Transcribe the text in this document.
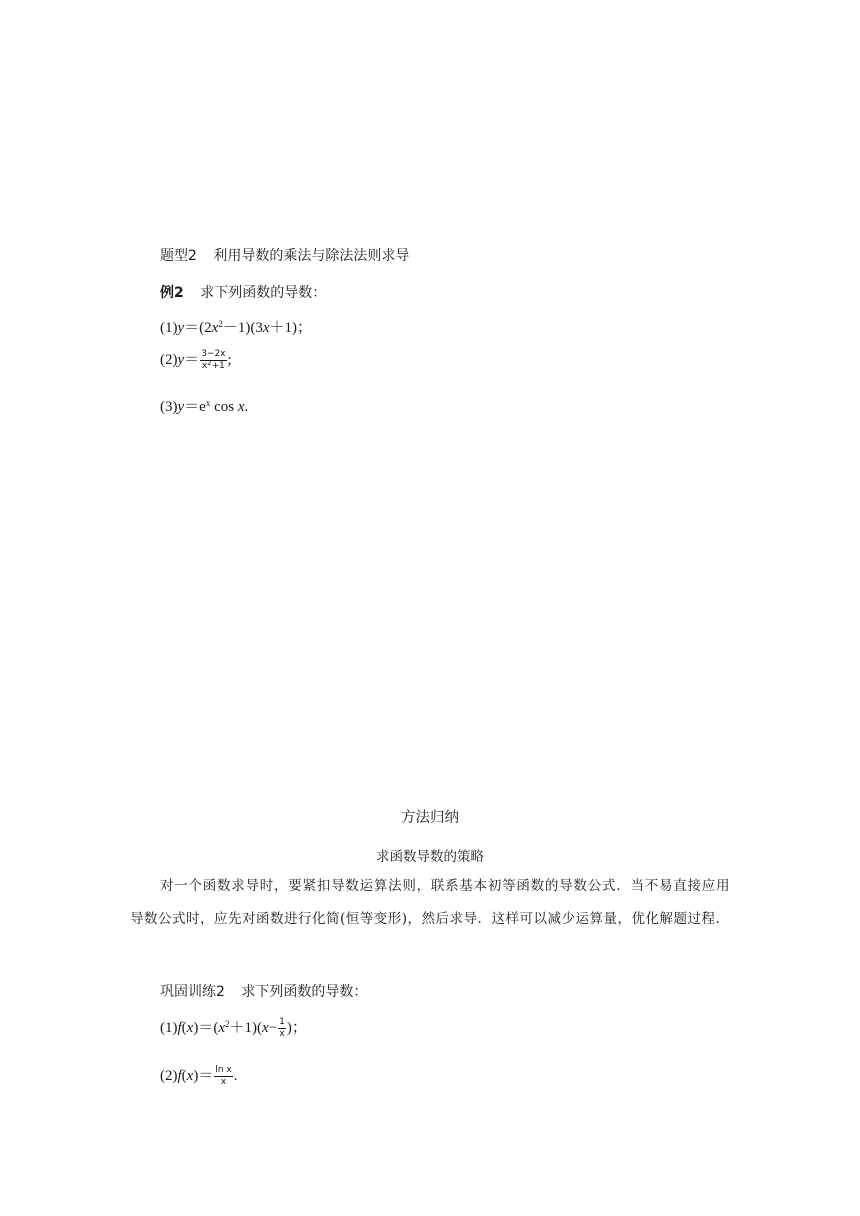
题型2 利用导数的乘法与除法法则求导
例2 求下列函数的导数：
$(1)y=(2x^2-1)(3x+1)$；
$(2)y= \frac{3-2x}{x^2+1}$ ;
$(3)y=e^x$ cos x.
方法归纳
求函数导数的策略
对一个函数求导时，要紧扣导数运算法则，联系基本初等函数的导数公式．当不易直接应用导数公式时，应先对函数进行化简(恒等变形)，然后求导．这样可以减少运算量，优化解题过程．
巩固训练2 求下列函数的导数：
$(1)f(x)=(x^2+1)(x- \frac{1}{x}$ )；
$(2)f(x)= \frac{\text{ln x}}{x}$ .
